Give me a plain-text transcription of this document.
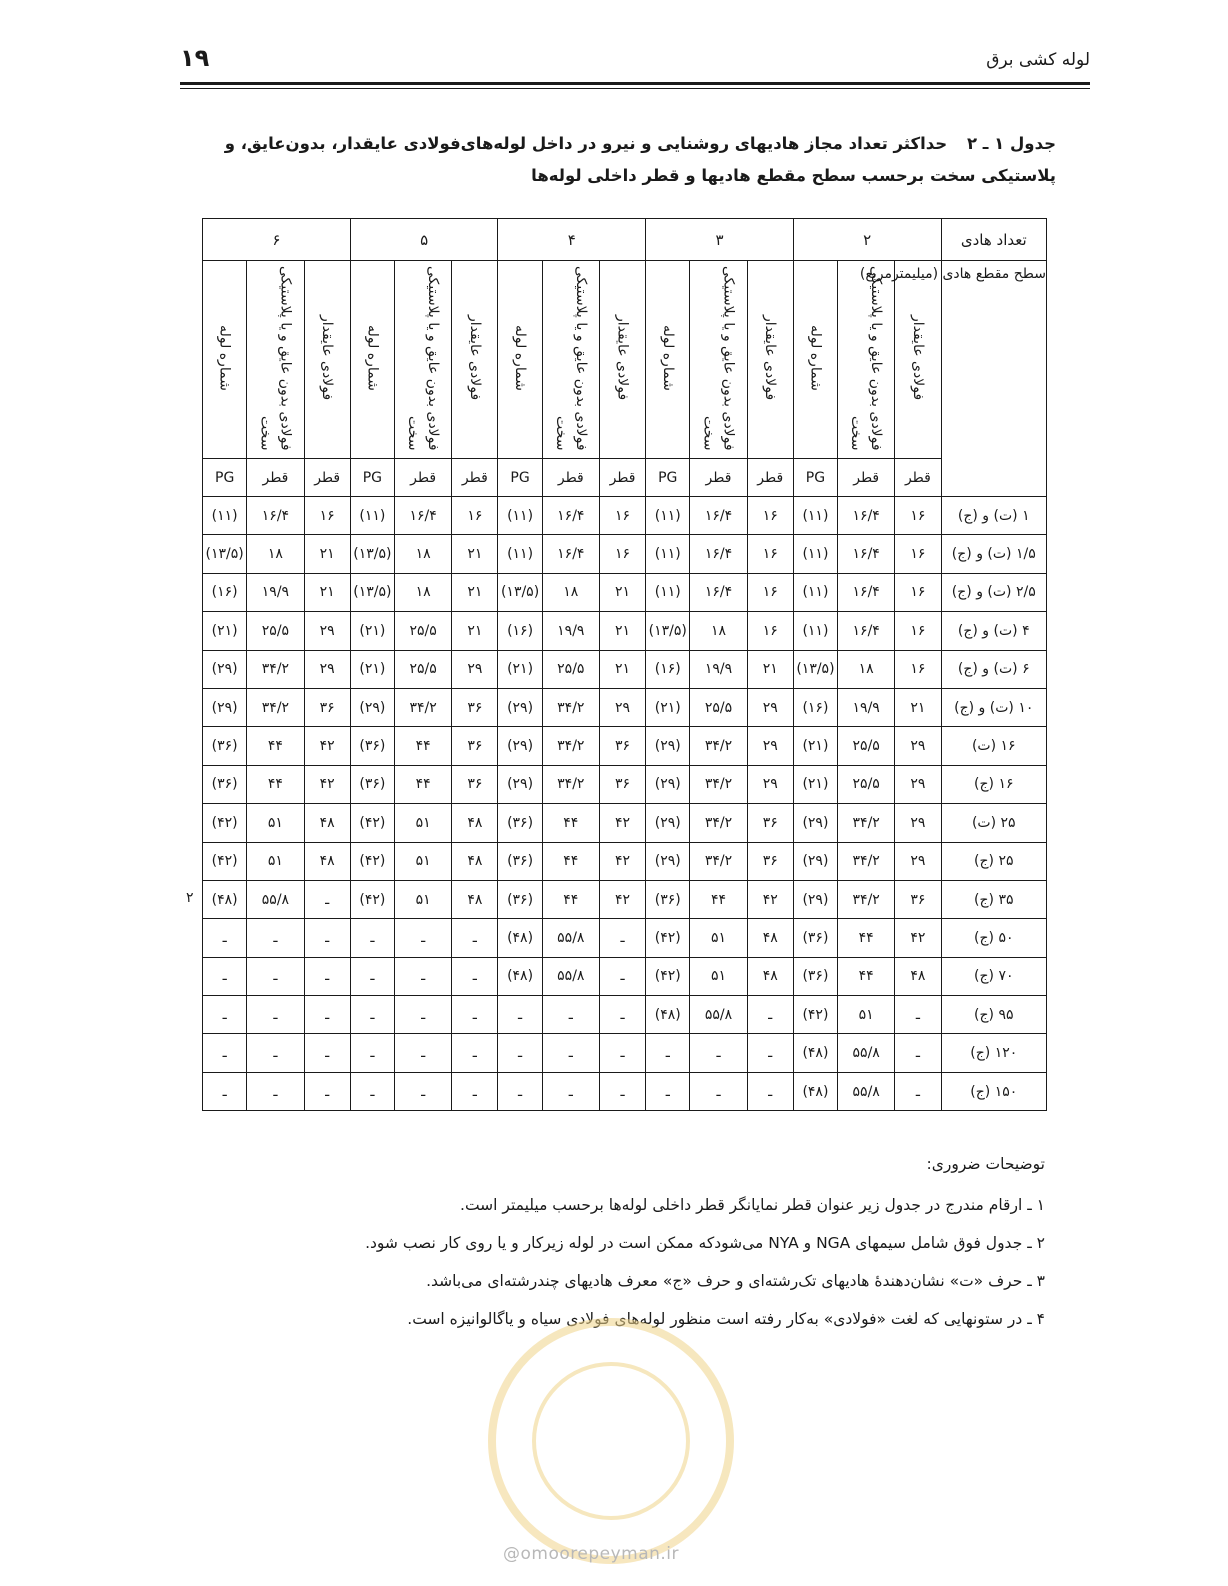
۱۹	لوله کشی برق
جدول ۱ ـ ۲ حداکثر تعداد مجاز هادیهای روشنایی و نیرو در داخل لوله‌های‌فولادی عایقدار، بدون‌عایق، و پلاستیکی سخت برحسب سطح مقطع هادیها و قطر داخلی لوله‌ها
تعداد هادی	۲			۳			۴			۵			۶		
سطح مقطع هادی (میلیمترمربع)	فولادی عایقدار	فولادی بدون عایق و یا پلاستیکی سخت	شماره لوله	فولادی عایقدار	فولادی بدون عایق و یا پلاستیکی سخت	شماره لوله	فولادی عایقدار	فولادی بدون عایق و یا پلاستیکی سخت	شماره لوله	فولادی عایقدار	فولادی بدون عایق و یا پلاستیکی سخت	شماره لوله	فولادی عایقدار	فولادی بدون عایق و یا پلاستیکی سخت	شماره لوله
	قطر	قطر	PG	قطر	قطر	PG	قطر	قطر	PG	قطر	قطر	PG	قطر	قطر	PG
۱ (ت) و (ج)	۱۶	۱۶/۴	(۱۱)	۱۶	۱۶/۴	(۱۱)	۱۶	۱۶/۴	(۱۱)	۱۶	۱۶/۴	(۱۱)	۱۶	۱۶/۴	(۱۱)
۱/۵ (ت) و (ج)	۱۶	۱۶/۴	(۱۱)	۱۶	۱۶/۴	(۱۱)	۱۶	۱۶/۴	(۱۱)	۲۱	۱۸	(۱۳/۵)	۲۱	۱۸	(۱۳/۵)
۲/۵ (ت) و (ج)	۱۶	۱۶/۴	(۱۱)	۱۶	۱۶/۴	(۱۱)	۲۱	۱۸	(۱۳/۵)	۲۱	۱۸	(۱۳/۵)	۲۱	۱۹/۹	(۱۶)
۴ (ت) و (ج)	۱۶	۱۶/۴	(۱۱)	۱۶	۱۸	(۱۳/۵)	۲۱	۱۹/۹	(۱۶)	۲۱	۲۵/۵	(۲۱)	۲۹	۲۵/۵	(۲۱)
۶ (ت) و (ج)	۱۶	۱۸	(۱۳/۵)	۲۱	۱۹/۹	(۱۶)	۲۱	۲۵/۵	(۲۱)	۲۹	۲۵/۵	(۲۱)	۲۹	۳۴/۲	(۲۹)
۱۰ (ت) و (ج)	۲۱	۱۹/۹	(۱۶)	۲۹	۲۵/۵	(۲۱)	۲۹	۳۴/۲	(۲۹)	۳۶	۳۴/۲	(۲۹)	۳۶	۳۴/۲	(۲۹)
۱۶ (ت)	۲۹	۲۵/۵	(۲۱)	۲۹	۳۴/۲	(۲۹)	۳۶	۳۴/۲	(۲۹)	۳۶	۴۴	(۳۶)	۴۲	۴۴	(۳۶)
۱۶ (ج)	۲۹	۲۵/۵	(۲۱)	۲۹	۳۴/۲	(۲۹)	۳۶	۳۴/۲	(۲۹)	۳۶	۴۴	(۳۶)	۴۲	۴۴	(۳۶)
۲۵ (ت)	۲۹	۳۴/۲	(۲۹)	۳۶	۳۴/۲	(۲۹)	۴۲	۴۴	(۳۶)	۴۸	۵۱	(۴۲)	۴۸	۵۱	(۴۲)
۲۵ (ج)	۲۹	۳۴/۲	(۲۹)	۳۶	۳۴/۲	(۲۹)	۴۲	۴۴	(۳۶)	۴۸	۵۱	(۴۲)	۴۸	۵۱	(۴۲)
۳۵ (ج)	۳۶	۳۴/۲	(۲۹)	۴۲	۴۴	(۳۶)	۴۲	۴۴	(۳۶)	۴۸	۵۱	(۴۲)	ـ	۵۵/۸	(۴۸)
۵۰ (ج)	۴۲	۴۴	(۳۶)	۴۸	۵۱	(۴۲)	ـ	۵۵/۸	(۴۸)	ـ	ـ	ـ	ـ	ـ	ـ
۷۰ (ج)	۴۸	۴۴	(۳۶)	۴۸	۵۱	(۴۲)	ـ	۵۵/۸	(۴۸)	ـ	ـ	ـ	ـ	ـ	ـ
۹۵ (ج)	ـ	۵۱	(۴۲)	ـ	۵۵/۸	(۴۸)	ـ	ـ	ـ	ـ	ـ	ـ	ـ	ـ	ـ
۱۲۰ (ج)	ـ	۵۵/۸	(۴۸)	ـ	ـ	ـ	ـ	ـ	ـ	ـ	ـ	ـ	ـ	ـ	ـ
۱۵۰ (ج)	ـ	۵۵/۸	(۴۸)	ـ	ـ	ـ	ـ	ـ	ـ	ـ	ـ	ـ	ـ	ـ	ـ
۲
توضیحات ضروری:
۱ ـ ارقام مندرج در جدول زیر عنوان قطر نمایانگر قطر داخلی لوله‌ها برحسب میلیمتر است.
۲ ـ جدول فوق شامل سیمهای NGA و NYA می‌شودکه ممکن است در لوله زیرکار و یا روی کار نصب شود.
۳ ـ حرف «ت» نشان‌دهندهٔ هادیهای تک‌رشته‌ای و حرف «ج» معرف هادیهای چندرشته‌ای می‌باشد.
۴ ـ در ستونهایی که لغت «فولادی» به‌کار رفته است منظور لوله‌های فولادی سیاه و یاگالوانیزه است.
@omoorepeyman.ir
